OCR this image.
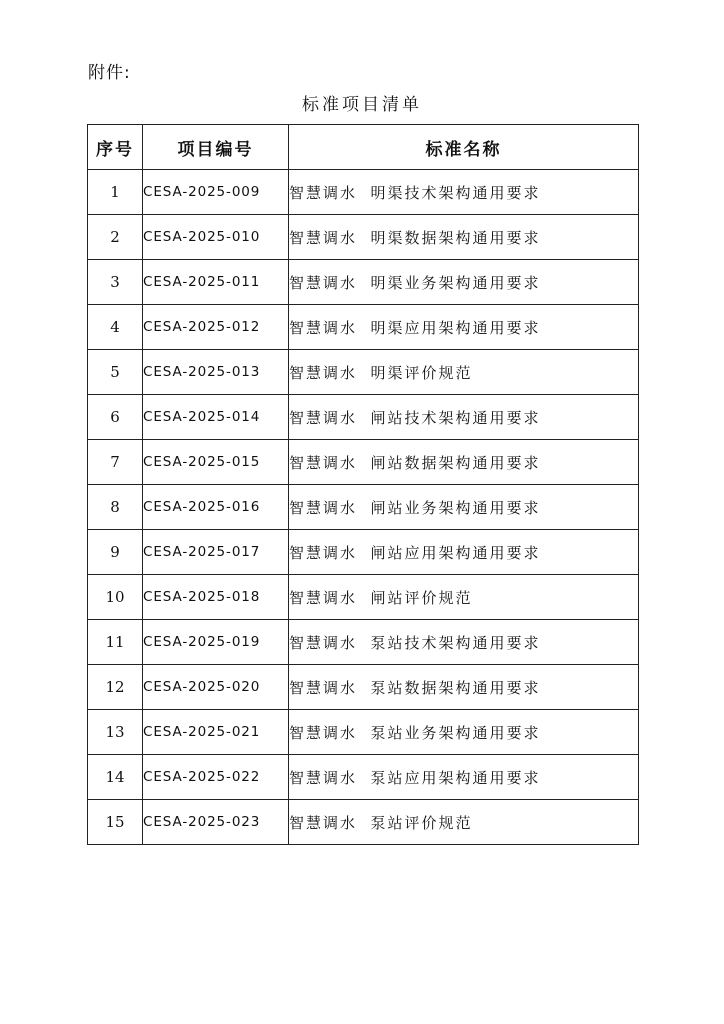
附件:
标准项目清单
序号	项目编号	标准名称
1	CESA-2025-009	智慧调水  明渠技术架构通用要求
2	CESA-2025-010	智慧调水  明渠数据架构通用要求
3	CESA-2025-011	智慧调水  明渠业务架构通用要求
4	CESA-2025-012	智慧调水  明渠应用架构通用要求
5	CESA-2025-013	智慧调水  明渠评价规范
6	CESA-2025-014	智慧调水  闸站技术架构通用要求
7	CESA-2025-015	智慧调水  闸站数据架构通用要求
8	CESA-2025-016	智慧调水  闸站业务架构通用要求
9	CESA-2025-017	智慧调水  闸站应用架构通用要求
10	CESA-2025-018	智慧调水  闸站评价规范
11	CESA-2025-019	智慧调水  泵站技术架构通用要求
12	CESA-2025-020	智慧调水  泵站数据架构通用要求
13	CESA-2025-021	智慧调水  泵站业务架构通用要求
14	CESA-2025-022	智慧调水  泵站应用架构通用要求
15	CESA-2025-023	智慧调水  泵站评价规范
